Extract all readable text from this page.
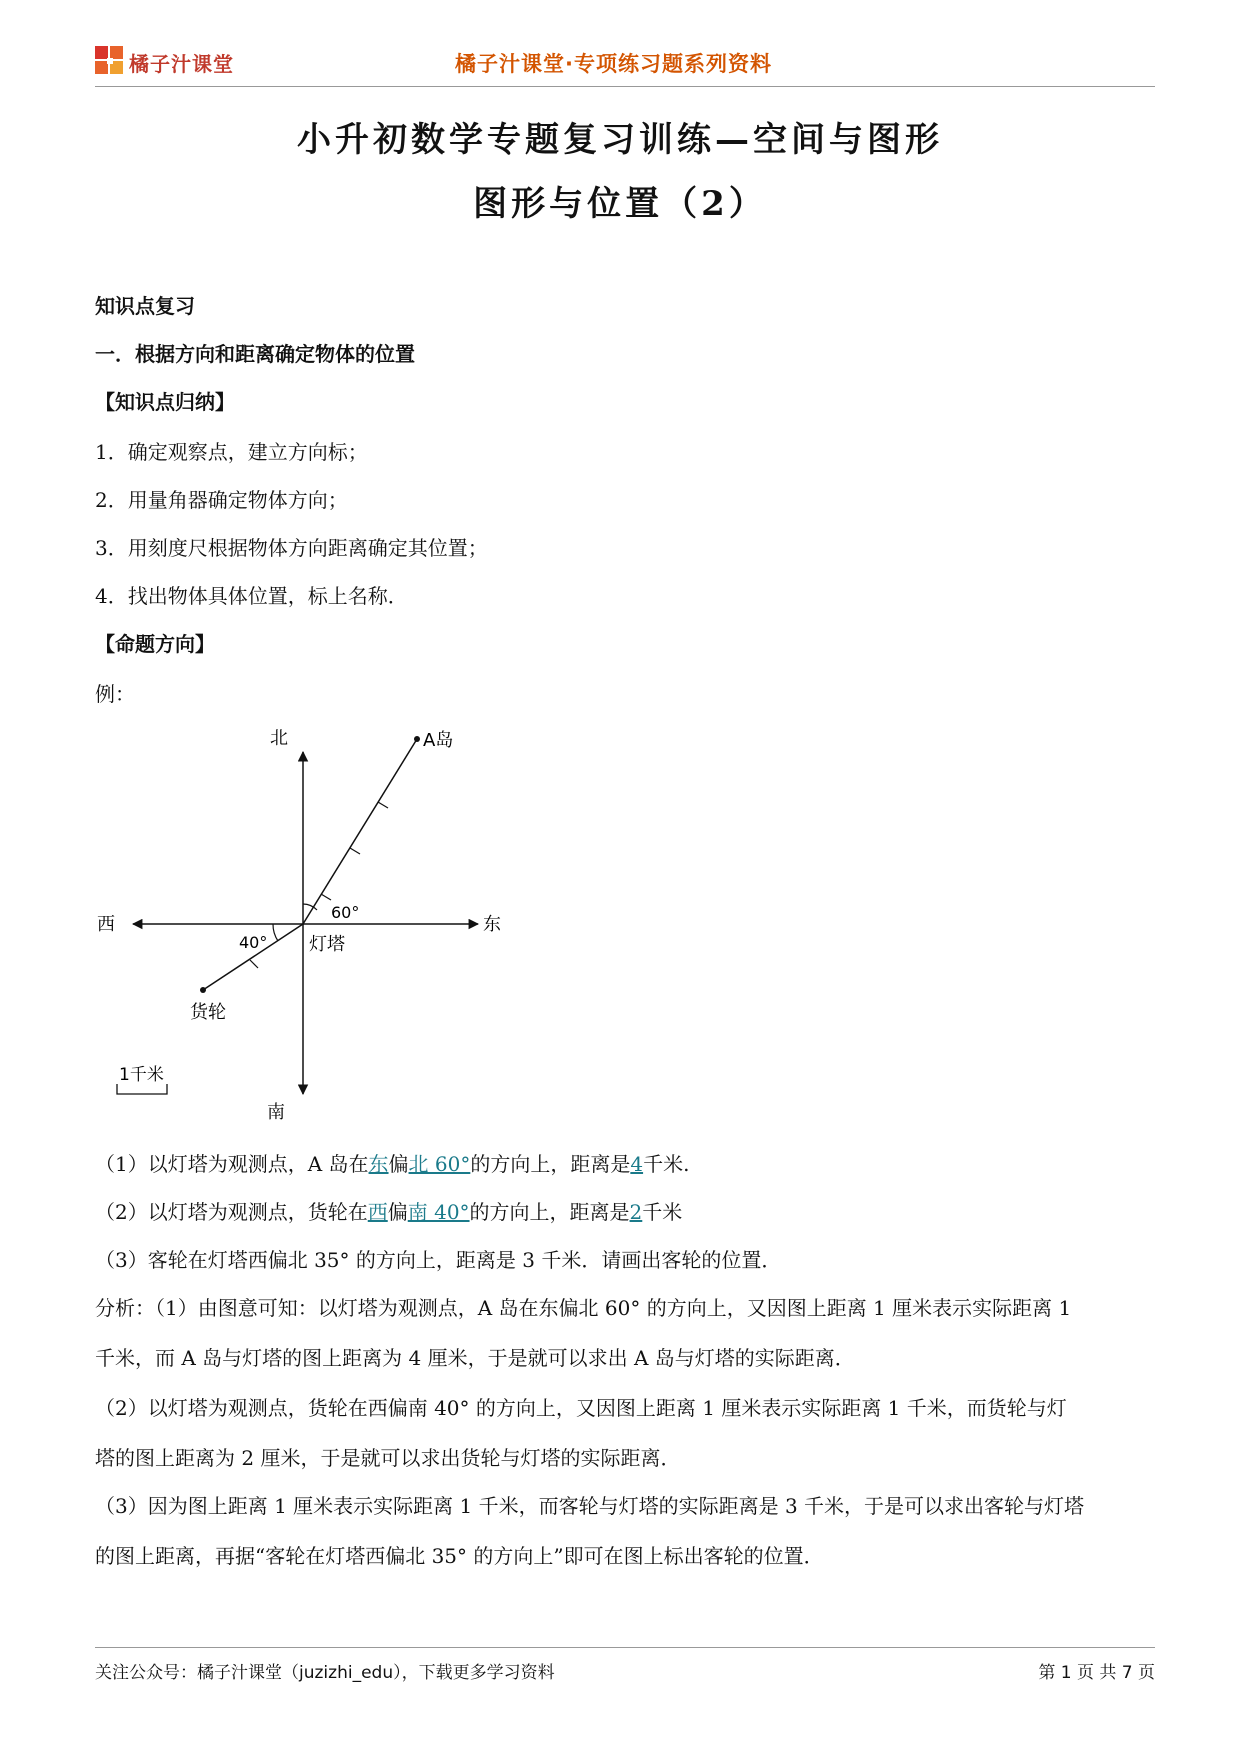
橘子汁课堂	橘子汁课堂·专项练习题系列资料
小升初数学专题复习训练—空间与图形
图形与位置（2）
知识点复习
一．根据方向和距离确定物体的位置
【知识点归纳】
1．确定观察点，建立方向标；
2．用量角器确定物体方向；
3．用刻度尺根据物体方向距离确定其位置；
4．找出物体具体位置，标上名称．
【命题方向】
例：
北
南
东
西
A岛
灯塔
货轮
60°
40°
1千米
（1）以灯塔为观测点，A 岛在东偏北 60°的方向上，距离是4千米.
（2）以灯塔为观测点，货轮在西偏南 40°的方向上，距离是2千米
（3）客轮在灯塔西偏北 35° 的方向上，距离是 3 千米．请画出客轮的位置．
分析：（1）由图意可知：以灯塔为观测点，A 岛在东偏北 60° 的方向上，又因图上距离 1 厘米表示实际距离 1
千米，而 A 岛与灯塔的图上距离为 4 厘米，于是就可以求出 A 岛与灯塔的实际距离．
（2）以灯塔为观测点，货轮在西偏南 40° 的方向上，又因图上距离 1 厘米表示实际距离 1 千米，而货轮与灯
塔的图上距离为 2 厘米，于是就可以求出货轮与灯塔的实际距离．
（3）因为图上距离 1 厘米表示实际距离 1 千米，而客轮与灯塔的实际距离是 3 千米，于是可以求出客轮与灯塔
的图上距离，再据“客轮在灯塔西偏北 35° 的方向上”即可在图上标出客轮的位置．
关注公众号：橘子汁课堂（juzizhi_edu），下载更多学习资料	第 1 页 共 7 页
